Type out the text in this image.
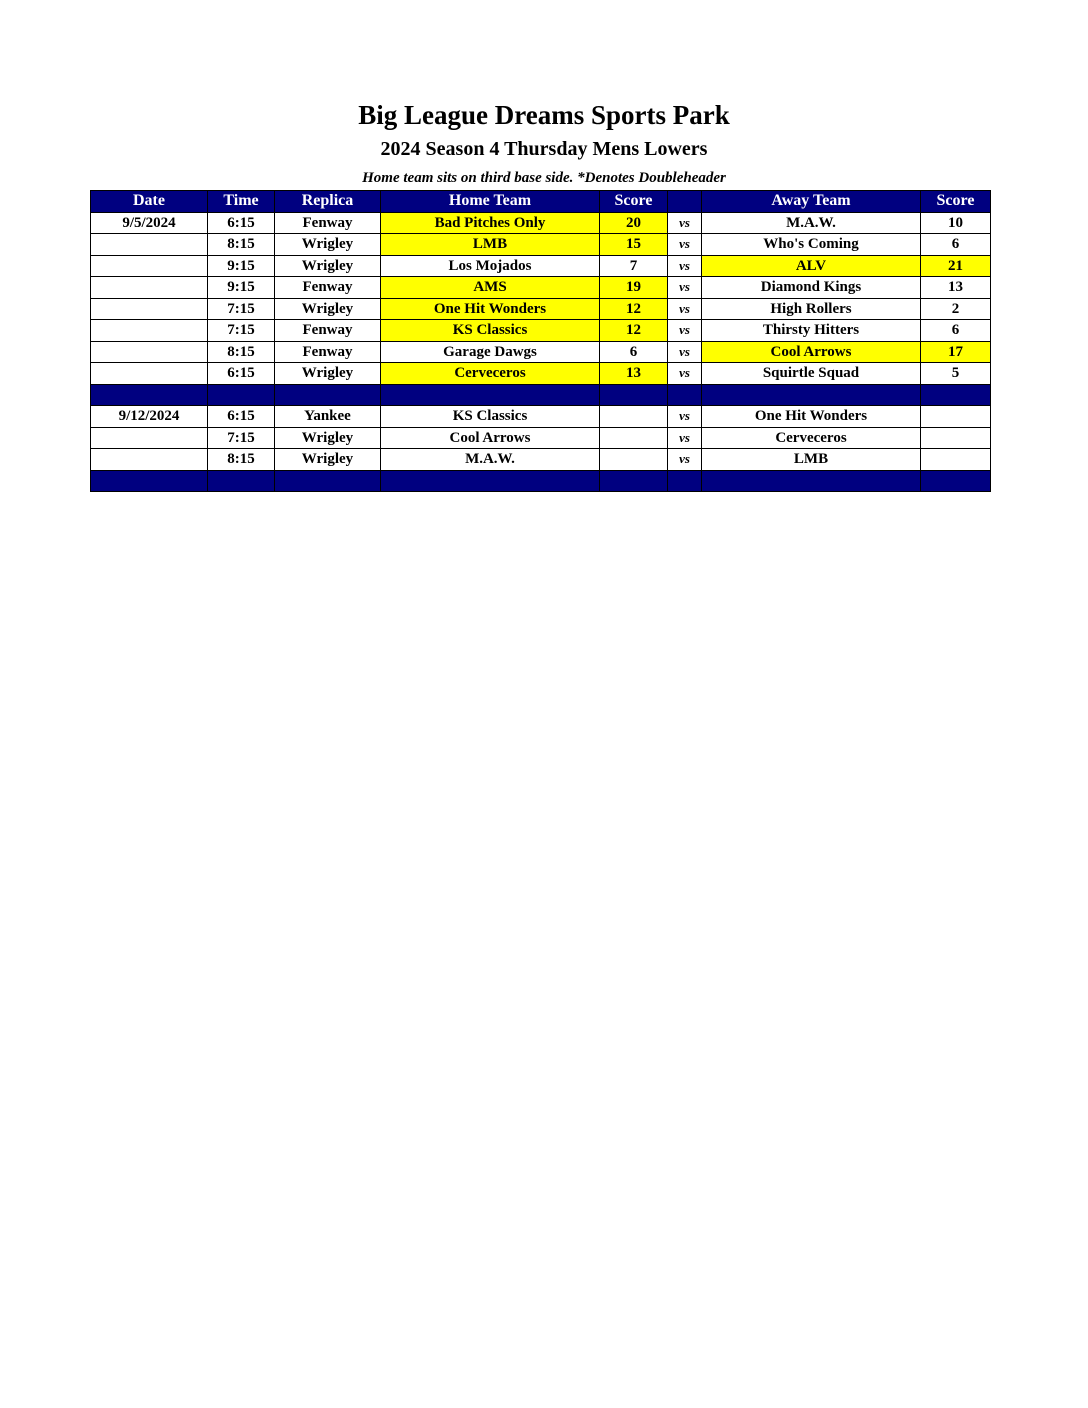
Big League Dreams Sports Park
2024 Season 4 Thursday Mens Lowers

Home team sits on third base side. *Denotes Doubleheader

Date	Time	Replica	Home Team	Score		Away Team	Score
9/5/2024	6:15	Fenway	Bad Pitches Only	20	vs	M.A.W.	10
	8:15	Wrigley	LMB	15	vs	Who's Coming	6
	9:15	Wrigley	Los Mojados	7	vs	ALV	21
	9:15	Fenway	AMS	19	vs	Diamond Kings	13
	7:15	Wrigley	One Hit Wonders	12	vs	High Rollers	2
	7:15	Fenway	KS Classics	12	vs	Thirsty Hitters	6
	8:15	Fenway	Garage Dawgs	6	vs	Cool Arrows	17
	6:15	Wrigley	Cerveceros	13	vs	Squirtle Squad	5

9/12/2024	6:15	Yankee	KS Classics		vs	One Hit Wonders	
	7:15	Wrigley	Cool Arrows		vs	Cerveceros	
	8:15	Wrigley	M.A.W.		vs	LMB	
